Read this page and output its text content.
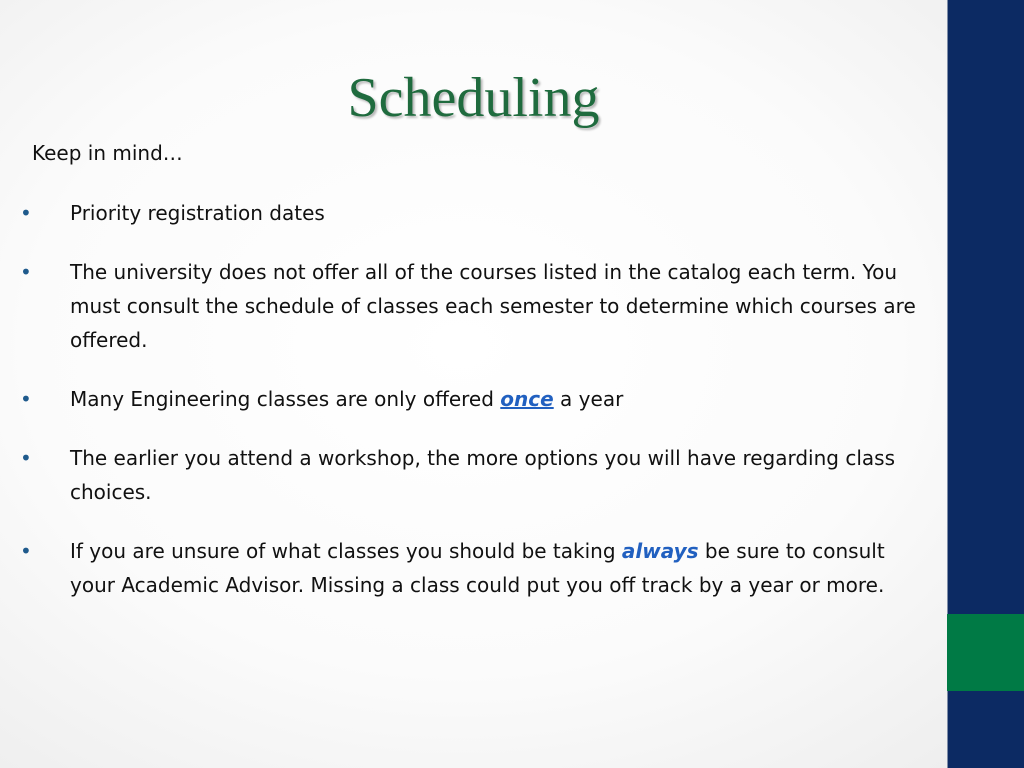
Scheduling
Keep in mind…
• Priority registration dates
• The university does not offer all of the courses listed in the catalog each term. You must consult the schedule of classes each semester to determine which courses are offered.
• Many Engineering classes are only offered once a year
• The earlier you attend a workshop, the more options you will have regarding class choices.
• If you are unsure of what classes you should be taking always be sure to consult your Academic Advisor. Missing a class could put you off track by a year or more.
